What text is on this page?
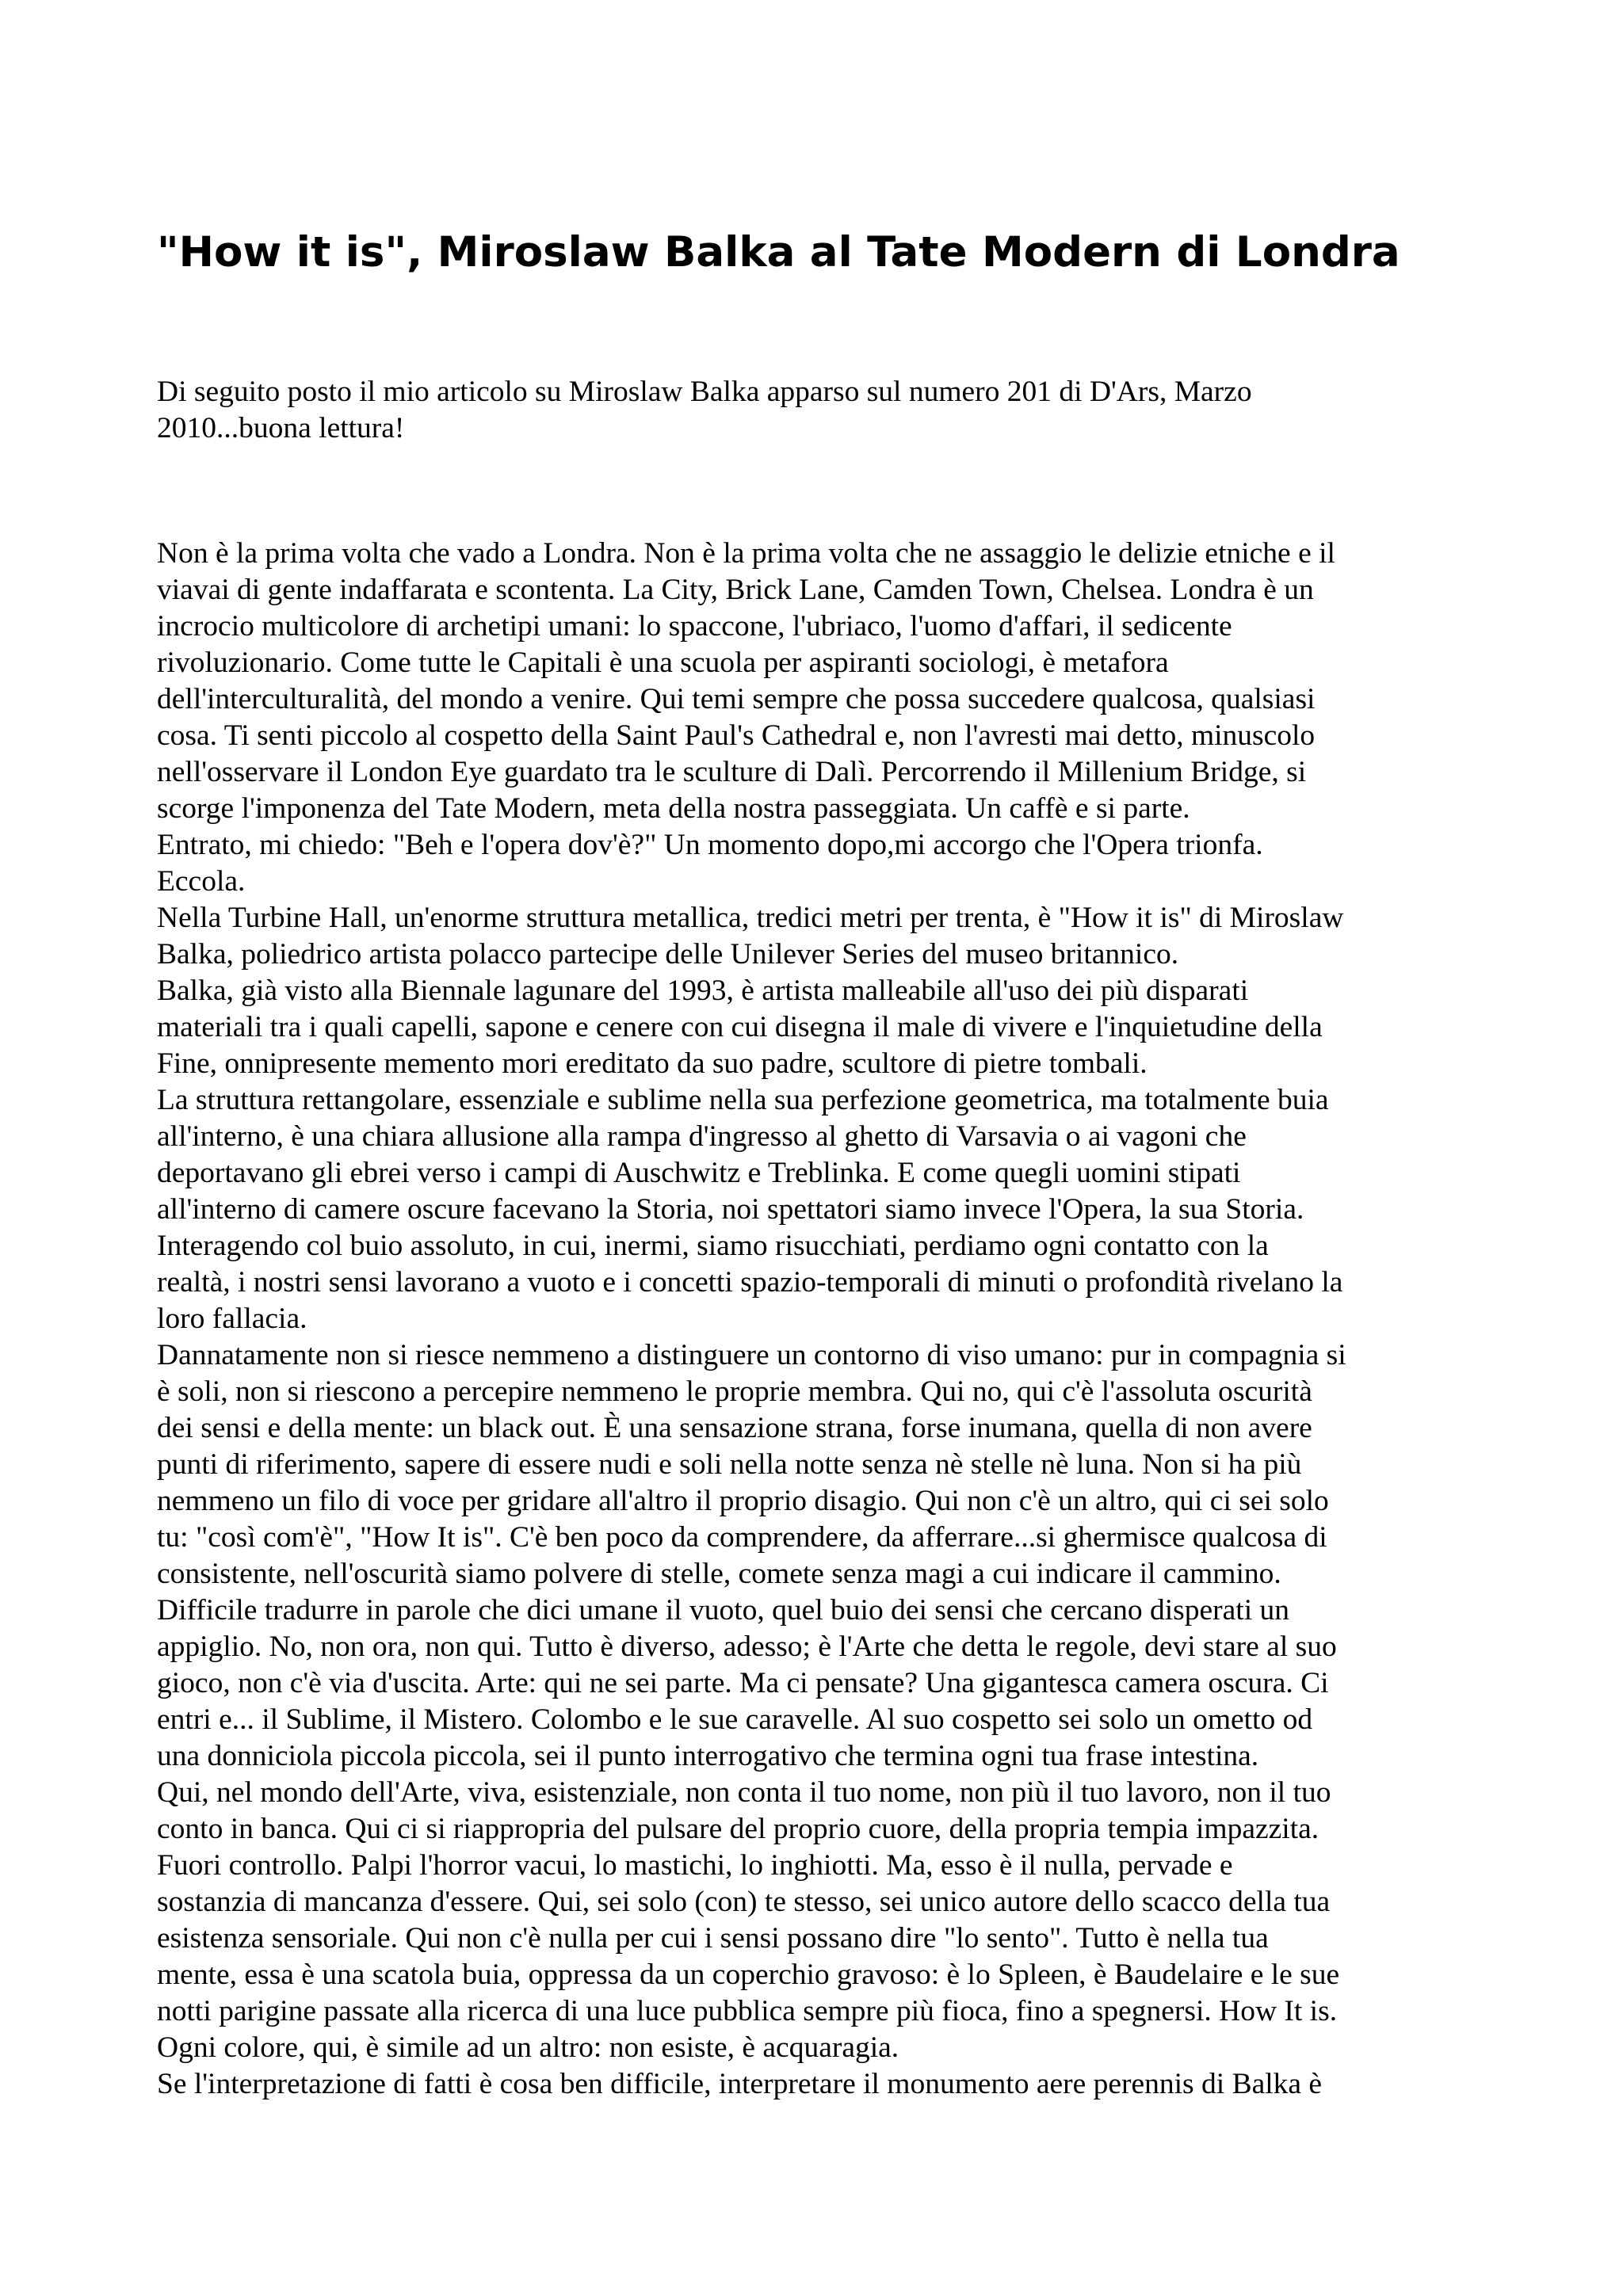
"How it is", Miroslaw Balka al Tate Modern di Londra

Di seguito posto il mio articolo su Miroslaw Balka apparso sul numero 201 di D'Ars, Marzo
2010...buona lettura!

Non è la prima volta che vado a Londra. Non è la prima volta che ne assaggio le delizie etniche e il

viavai di gente indaffarata e scontenta. La City, Brick Lane, Camden Town, Chelsea. Londra è un

incrocio multicolore di archetipi umani: lo spaccone, l'ubriaco, l'uomo d'affari, il sedicente

rivoluzionario. Come tutte le Capitali è una scuola per aspiranti sociologi, è metafora

dell'interculturalità, del mondo a venire. Qui temi sempre che possa succedere qualcosa, qualsiasi

cosa. Ti senti piccolo al cospetto della Saint Paul's Cathedral e, non l'avresti mai detto, minuscolo

nell'osservare il London Eye guardato tra le sculture di Dalì. Percorrendo il Millenium Bridge, si

scorge l'imponenza del Tate Modern, meta della nostra passeggiata. Un caffè e si parte.

Entrato, mi chiedo: "Beh e l'opera dov'è?" Un momento dopo,mi accorgo che l'Opera trionfa.

Eccola.

Nella Turbine Hall, un'enorme struttura metallica, tredici metri per trenta, è "How it is" di Miroslaw

Balka, poliedrico artista polacco partecipe delle Unilever Series del museo britannico.

Balka, già visto alla Biennale lagunare del 1993, è artista malleabile all'uso dei più disparati

materiali tra i quali capelli, sapone e cenere con cui disegna il male di vivere e l'inquietudine della

Fine, onnipresente memento mori ereditato da suo padre, scultore di pietre tombali.

La struttura rettangolare, essenziale e sublime nella sua perfezione geometrica, ma totalmente buia

all'interno, è una chiara allusione alla rampa d'ingresso al ghetto di Varsavia o ai vagoni che

deportavano gli ebrei verso i campi di Auschwitz e Treblinka. E come quegli uomini stipati

all'interno di camere oscure facevano la Storia, noi spettatori siamo invece l'Opera, la sua Storia.

Interagendo col buio assoluto, in cui, inermi, siamo risucchiati, perdiamo ogni contatto con la

realtà, i nostri sensi lavorano a vuoto e i concetti spazio-temporali di minuti o profondità rivelano la

loro fallacia.

Dannatamente non si riesce nemmeno a distinguere un contorno di viso umano: pur in compagnia si

è soli, non si riescono a percepire nemmeno le proprie membra. Qui no, qui c'è l'assoluta oscurità

dei sensi e della mente: un black out. È una sensazione strana, forse inumana, quella di non avere

punti di riferimento, sapere di essere nudi e soli nella notte senza nè stelle nè luna. Non si ha più

nemmeno un filo di voce per gridare all'altro il proprio disagio. Qui non c'è un altro, qui ci sei solo

tu: "così com'è", "How It is". C'è ben poco da comprendere, da afferrare...si ghermisce qualcosa di

consistente, nell'oscurità siamo polvere di stelle, comete senza magi a cui indicare il cammino.

Difficile tradurre in parole che dici umane il vuoto, quel buio dei sensi che cercano disperati un

appiglio. No, non ora, non qui. Tutto è diverso, adesso; è l'Arte che detta le regole, devi stare al suo

gioco, non c'è via d'uscita. Arte: qui ne sei parte. Ma ci pensate? Una gigantesca camera oscura. Ci

entri e... il Sublime, il Mistero. Colombo e le sue caravelle. Al suo cospetto sei solo un ometto od

una donniciola piccola piccola, sei il punto interrogativo che termina ogni tua frase intestina.

Qui, nel mondo dell'Arte, viva, esistenziale, non conta il tuo nome, non più il tuo lavoro, non il tuo

conto in banca. Qui ci si riappropria del pulsare del proprio cuore, della propria tempia impazzita.

Fuori controllo. Palpi l'horror vacui, lo mastichi, lo inghiotti. Ma, esso è il nulla, pervade e

sostanzia di mancanza d'essere. Qui, sei solo (con) te stesso, sei unico autore dello scacco della tua

esistenza sensoriale. Qui non c'è nulla per cui i sensi possano dire "lo sento". Tutto è nella tua

mente, essa è una scatola buia, oppressa da un coperchio gravoso: è lo Spleen, è Baudelaire e le sue

notti parigine passate alla ricerca di una luce pubblica sempre più fioca, fino a spegnersi. How It is.

Ogni colore, qui, è simile ad un altro: non esiste, è acquaragia.

Se l'interpretazione di fatti è cosa ben difficile, interpretare il monumento aere perennis di Balka è
